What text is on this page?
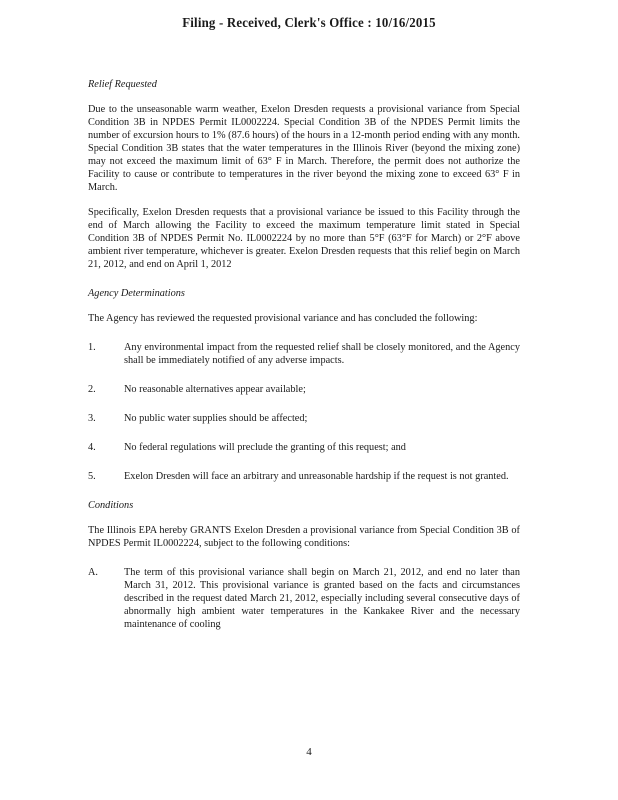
Filing - Received, Clerk's Office : 10/16/2015

Relief Requested

Due to the unseasonable warm weather, Exelon Dresden requests a provisional variance from Special Condition 3B in NPDES Permit IL0002224. Special Condition 3B of the NPDES Permit limits the number of excursion hours to 1% (87.6 hours) of the hours in a 12-month period ending with any month. Special Condition 3B states that the water temperatures in the Illinois River (beyond the mixing zone) may not exceed the maximum limit of 63° F in March. Therefore, the permit does not authorize the Facility to cause or contribute to temperatures in the river beyond the mixing zone to exceed 63° F in March.

Specifically, Exelon Dresden requests that a provisional variance be issued to this Facility through the end of March allowing the Facility to exceed the maximum temperature limit stated in Special Condition 3B of NPDES Permit No. IL0002224 by no more than 5°F (63°F for March) or 2°F above ambient river temperature, whichever is greater. Exelon Dresden requests that this relief begin on March 21, 2012, and end on April 1, 2012

Agency Determinations

The Agency has reviewed the requested provisional variance and has concluded the following:

1.	Any environmental impact from the requested relief shall be closely monitored, and the Agency shall be immediately notified of any adverse impacts.
2.	No reasonable alternatives appear available;
3.	No public water supplies should be affected;
4.	No federal regulations will preclude the granting of this request; and
5.	Exelon Dresden will face an arbitrary and unreasonable hardship if the request is not granted.

Conditions

The Illinois EPA hereby GRANTS Exelon Dresden a provisional variance from Special Condition 3B of NPDES Permit IL0002224, subject to the following conditions:

A.	The term of this provisional variance shall begin on March 21, 2012, and end no later than March 31, 2012. This provisional variance is granted based on the facts and circumstances described in the request dated March 21, 2012, especially including several consecutive days of abnormally high ambient water temperatures in the Kankakee River and the necessary maintenance of cooling
4
